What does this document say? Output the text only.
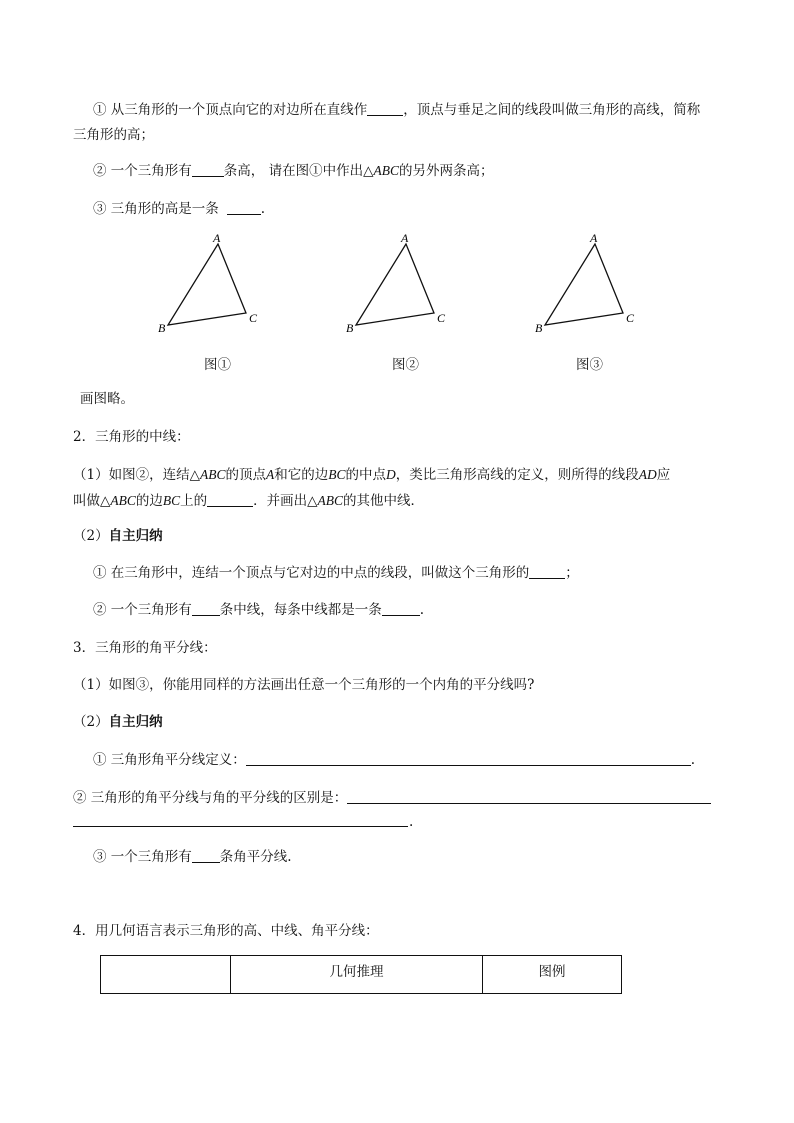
① 从三角形的一个顶点向它的对边所在直线作	，顶点与垂足之间的线段叫做三角形的高线，简称
三角形的高；
② 一个三角形有 条高， 请在图①中作出△ABC的另外两条高；
③ 三角形的高是一条	.
A
B
C
图①
A
B
C
图②
A
B
C
图③
画图略。
2．三角形的中线：
（1）如图②，连结△ABC的顶点A和它的边BC的中点D，类比三角形高线的定义，则所得的线段AD应
叫做△ABC的边BC上的	．并画出△ABC的其他中线．
（2）自主归纳
① 在三角形中，连结一个顶点与它对边的中点的线段，叫做这个三角形的	；
② 一个三角形有 条中线，每条中线都是一条	.
3．三角形的角平分线：
（1）如图③，你能用同样的方法画出任意一个三角形的一个内角的平分线吗?
（2）自主归纳
① 三角形角平分线定义：	.
② 三角形的角平分线与角的平分线的区别是：
.
③ 一个三角形有 条角平分线.
4．用几何语言表示三角形的高、中线、角平分线：
	几何推理	图例
